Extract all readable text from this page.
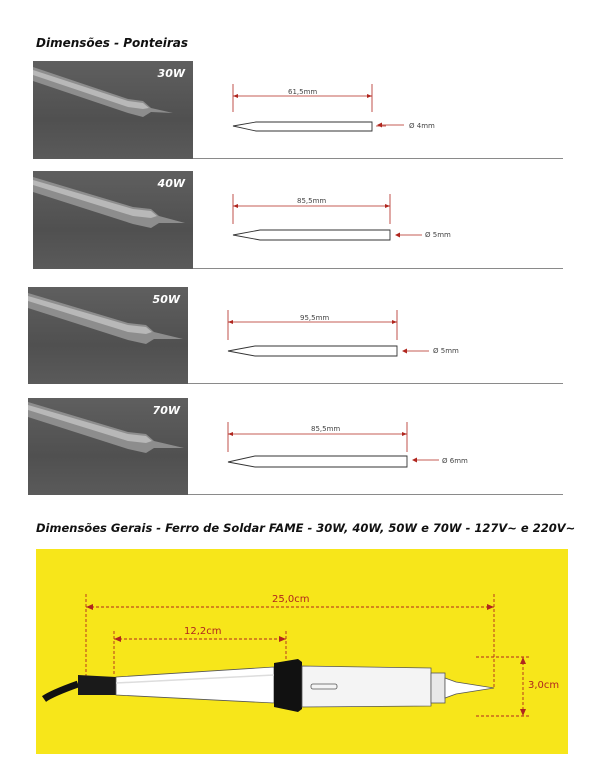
Dimensões - Ponteiras
30W
61,5mm
Ø 4mm
40W
85,5mm
Ø 5mm
50W
95,5mm
Ø 5mm
70W
85,5mm
Ø 6mm
Dimensões Gerais - Ferro de Soldar FAME - 30W, 40W, 50W e 70W - 127V~ e 220V~
25,0cm
12,2cm
3,0cm
